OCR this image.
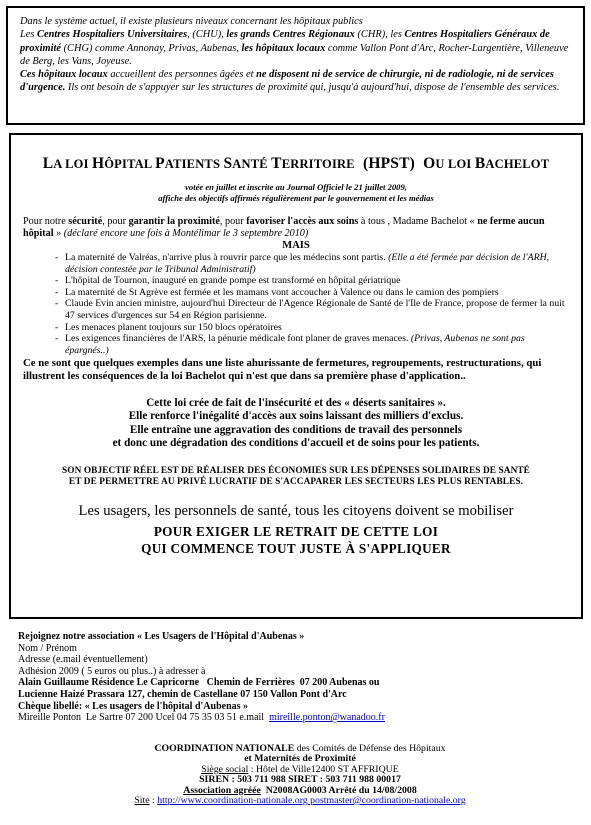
Dans le système actuel, il existe plusieurs niveaux concernant les hôpitaux publics

Les Centres Hospitaliers Universitaires, (CHU), les grands Centres Régionaux (CHR), les Centres Hospitaliers Généraux de proximité (CHG) comme Annonay, Privas, Aubenas, les hôpitaux locaux comme Vallon Pont d'Arc, Rocher-Largentière, Villeneuve de Berg, les Vans, Joyeuse.

Ces hôpitaux locaux accueillent des personnes âgées et ne disposent ni de service de chirurgie, ni de radiologie, ni de services d'urgence. Ils ont besoin de s'appuyer sur les structures de proximité qui, jusqu'à aujourd'hui, dispose de l'ensemble des services.

LA LOI HÔPITAL PATIENTS SANTÉ TERRITOIRE  (HPST)  OU LOI BACHELOT
votée en juillet et inscrite au Journal Officiel le 21 juillet 2009,
affiche des objectifs affirmés régulièrement par le gouvernement et les médias
Pour notre sécurité, pour garantir la proximité, pour favoriser l'accès aux soins à tous , Madame Bachelot « ne ferme aucun hôpital » (déclaré encore une fois à Montélimar le 3 septembre 2010)
MAIS
- La maternité de Valréas, n'arrive plus à rouvrir parce que les médecins sont partis. (Elle a été fermée par décision de l'ARH, décision contestée par le Tribunal Administratif)
- L'hôpital de Tournon, inauguré en grande pompe est transformé en hôpital gériatrique
- La maternité de St Agrève est fermée et les mamans vont accoucher à Valence ou dans le camion des pompiers
- Claude Evin ancien ministre, aujourd'hui Directeur de l'Agence Régionale de Santé de l'Ile de France, propose de fermer la nuit 47 services d'urgences sur 54 en Région parisienne.
- Les menaces planent toujours sur 150 blocs opératoires
- Les exigences financières de l'ARS, la pénurie médicale font planer de graves menaces. (Privas, Aubenas ne sont pas épargnés..)
Ce ne sont que quelques exemples dans une liste ahurissante de fermetures, regroupements, restructurations, qui illustrent les conséquences de la loi Bachelot qui n'est que dans sa première phase d'application..
Cette loi crée de fait de l'insécurité et des « déserts sanitaires ».
Elle renforce l'inégalité d'accès aux soins laissant des milliers d'exclus.
Elle entraîne une aggravation des conditions de travail des personnels
et donc une dégradation des conditions d'accueil et de soins pour les patients.
SON OBJECTIF RÉEL EST DE RÉALISER DES ÉCONOMIES SUR LES DÉPENSES SOLIDAIRES DE SANTÉ
ET DE PERMETTRE AU PRIVÉ LUCRATIF DE S'ACCAPARER LES SECTEURS LES PLUS RENTABLES.
Les usagers, les personnels de santé, tous les citoyens doivent se mobiliser
POUR EXIGER LE RETRAIT DE CETTE LOI
QUI COMMENCE TOUT JUSTE À S'APPLIQUER
Rejoignez notre association « Les Usagers de l'Hôpital d'Aubenas »
Nom / Prénom
Adresse (e.mail éventuellement)
Adhésion 2009 ( 5 euros ou plus..) à adresser à
Alain Guillaume Résidence Le Capricorne   Chemin de Ferrières  07 200 Aubenas ou
Lucienne Haizé Prassara 127, chemin de Castellane 07 150 Vallon Pont d'Arc
Chèque libellé: « Les usagers de l'hôpital d'Aubenas »
Mireille Ponton  Le Sartre 07 200 Ucel 04 75 35 03 51 e.mail  mireille.ponton@wanadoo.fr
COORDINATION NATIONALE des Comités de Défense des Hôpitaux
et Maternités de Proximité
Siège social : Hôtel de Ville12400 ST AFFRIQUE
SIREN : 503 711 988 SIRET : 503 711 988 00017
Association agréée  N2008AG0003 Arrêté du 14/08/2008
Site : http://www.coordination-nationale.org postmaster@coordination-nationale.org
